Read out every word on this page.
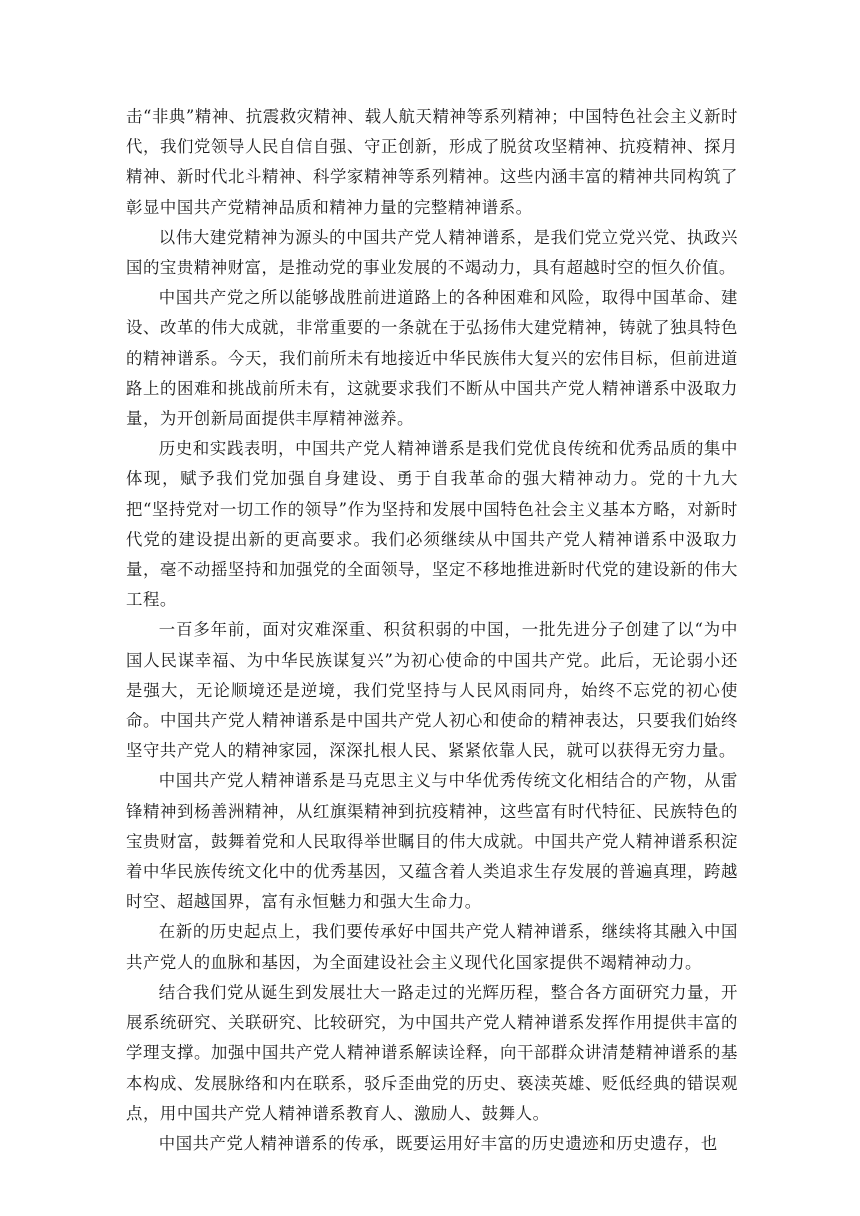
击“非典”精神、抗震救灾精神、载人航天精神等系列精神；中国特色社会主义新时代，我们党领导人民自信自强、守正创新，形成了脱贫攻坚精神、抗疫精神、探月精神、新时代北斗精神、科学家精神等系列精神。这些内涵丰富的精神共同构筑了彰显中国共产党精神品质和精神力量的完整精神谱系。

以伟大建党精神为源头的中国共产党人精神谱系，是我们党立党兴党、执政兴国的宝贵精神财富，是推动党的事业发展的不竭动力，具有超越时空的恒久价值。

中国共产党之所以能够战胜前进道路上的各种困难和风险，取得中国革命、建设、改革的伟大成就，非常重要的一条就在于弘扬伟大建党精神，铸就了独具特色的精神谱系。今天，我们前所未有地接近中华民族伟大复兴的宏伟目标，但前进道路上的困难和挑战前所未有，这就要求我们不断从中国共产党人精神谱系中汲取力量，为开创新局面提供丰厚精神滋养。

历史和实践表明，中国共产党人精神谱系是我们党优良传统和优秀品质的集中体现，赋予我们党加强自身建设、勇于自我革命的强大精神动力。党的十九大把“坚持党对一切工作的领导”作为坚持和发展中国特色社会主义基本方略，对新时代党的建设提出新的更高要求。我们必须继续从中国共产党人精神谱系中汲取力量，毫不动摇坚持和加强党的全面领导，坚定不移地推进新时代党的建设新的伟大工程。

一百多年前，面对灾难深重、积贫积弱的中国，一批先进分子创建了以“为中国人民谋幸福、为中华民族谋复兴”为初心使命的中国共产党。此后，无论弱小还是强大，无论顺境还是逆境，我们党坚持与人民风雨同舟，始终不忘党的初心使命。中国共产党人精神谱系是中国共产党人初心和使命的精神表达，只要我们始终坚守共产党人的精神家园，深深扎根人民、紧紧依靠人民，就可以获得无穷力量。

中国共产党人精神谱系是马克思主义与中华优秀传统文化相结合的产物，从雷锋精神到杨善洲精神，从红旗渠精神到抗疫精神，这些富有时代特征、民族特色的宝贵财富，鼓舞着党和人民取得举世瞩目的伟大成就。中国共产党人精神谱系积淀着中华民族传统文化中的优秀基因，又蕴含着人类追求生存发展的普遍真理，跨越时空、超越国界，富有永恒魅力和强大生命力。

在新的历史起点上，我们要传承好中国共产党人精神谱系，继续将其融入中国共产党人的血脉和基因，为全面建设社会主义现代化国家提供不竭精神动力。

结合我们党从诞生到发展壮大一路走过的光辉历程，整合各方面研究力量，开展系统研究、关联研究、比较研究，为中国共产党人精神谱系发挥作用提供丰富的学理支撑。加强中国共产党人精神谱系解读诠释，向干部群众讲清楚精神谱系的基本构成、发展脉络和内在联系，驳斥歪曲党的历史、亵渎英雄、贬低经典的错误观点，用中国共产党人精神谱系教育人、激励人、鼓舞人。

中国共产党人精神谱系的传承，既要运用好丰富的历史遗迹和历史遗存，也
